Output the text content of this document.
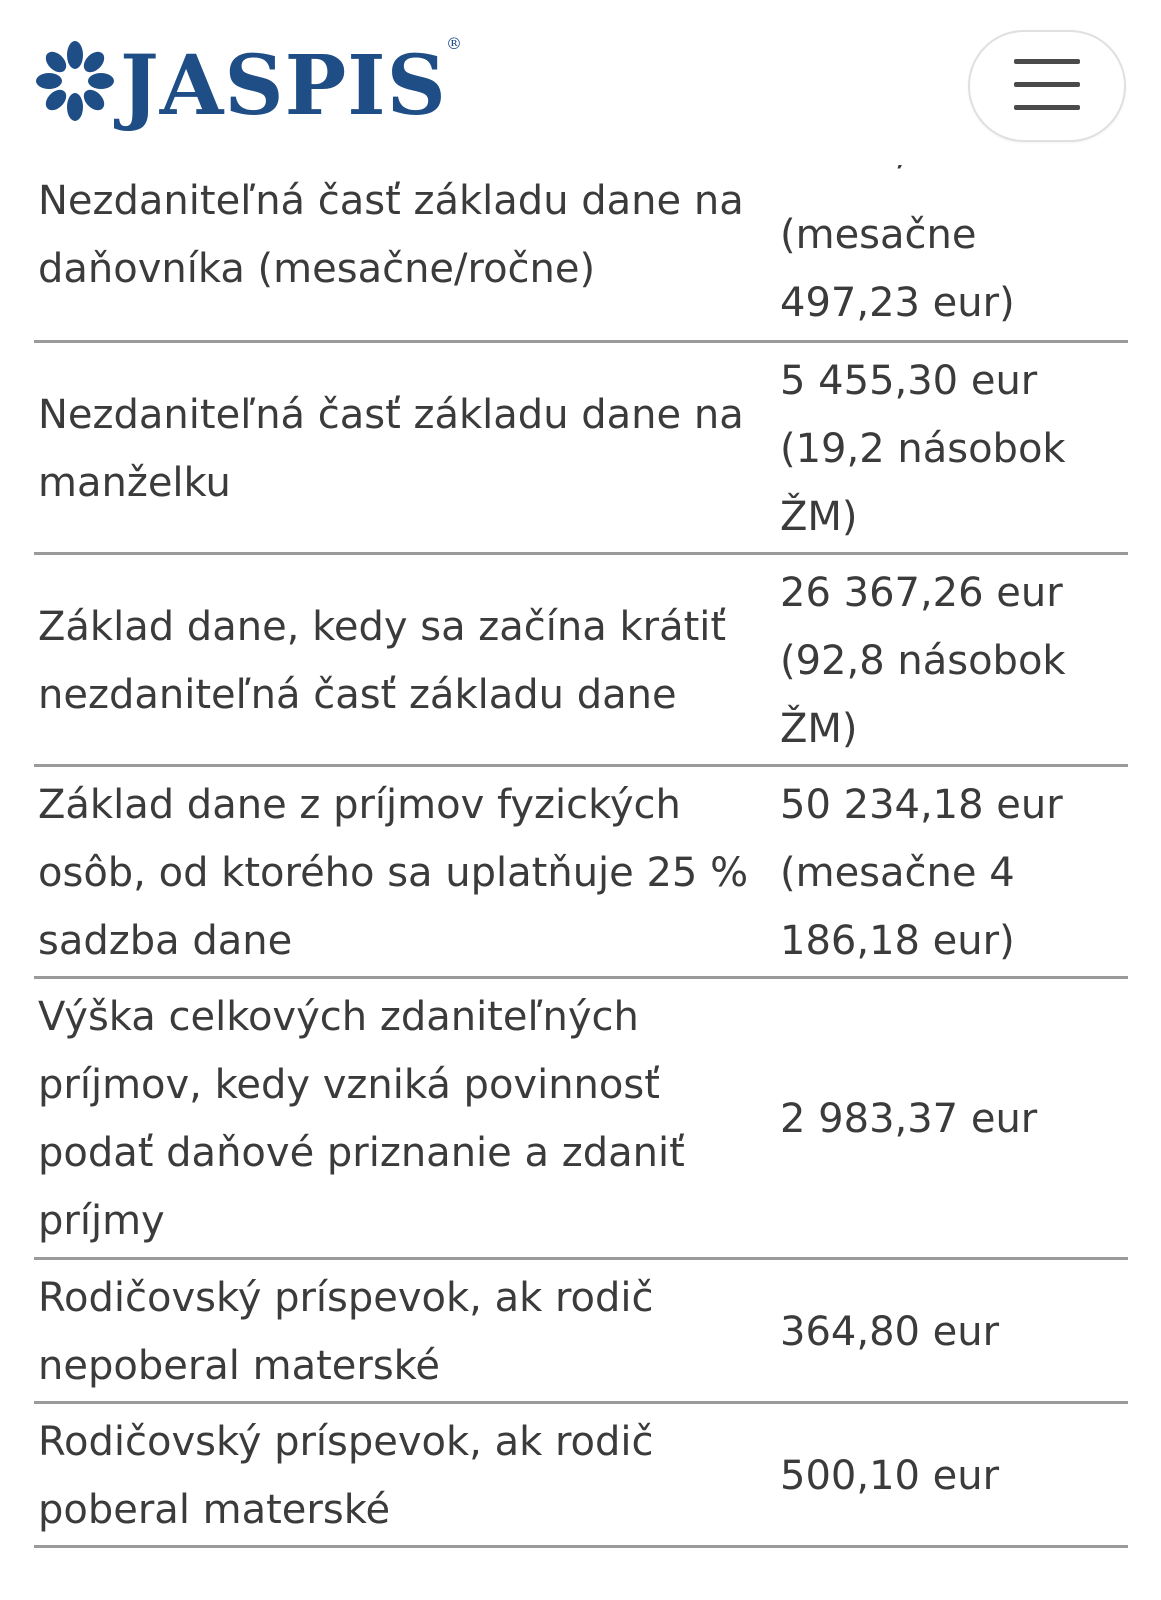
JASPIS ®
Nezdaniteľná časť základu dane na
daňovníka (mesačne/ročne)
(mesačne
497,23 eur)
Nezdaniteľná časť základu dane na
manželku
5 455,30 eur
(19,2 násobok
ŽM)
Základ dane, kedy sa začína krátiť
nezdaniteľná časť základu dane
26 367,26 eur
(92,8 násobok
ŽM)
Základ dane z príjmov fyzických
osôb, od ktorého sa uplatňuje 25 %
sadzba dane
50 234,18 eur
(mesačne 4
186,18 eur)
Výška celkových zdaniteľných
príjmov, kedy vzniká povinnosť
podať daňové priznanie a zdaniť
príjmy
2 983,37 eur
Rodičovský príspevok, ak rodič
nepoberal materské
364,80 eur
Rodičovský príspevok, ak rodič
poberal materské
500,10 eur
